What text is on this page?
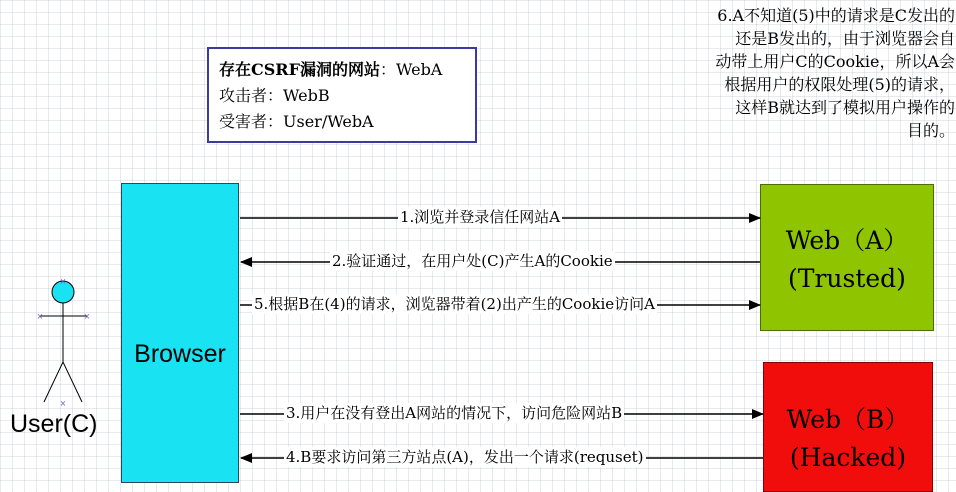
存在CSRF漏洞的网站：WebA
攻击者：WebB
受害者：User/WebA
6.A不知道(5)中的请求是C发出的
还是B发出的，由于浏览器会自
动带上用户C的Cookie，所以A会
根据用户的权限处理(5)的请求，
这样B就达到了模拟用户操作的
目的。
Browser
Web（A）
(Trusted)
Web（B）
(Hacked)
×	×
×
×
1.浏览并登录信任网站A
2.验证通过，在用户处(C)产生A的Cookie
5.根据B在(4)的请求，浏览器带着(2)出产生的Cookie访问A
3.用户在没有登出A网站的情况下，访问危险网站B
4.B要求访问第三方站点(A)，发出一个请求(requset)
User(C)
